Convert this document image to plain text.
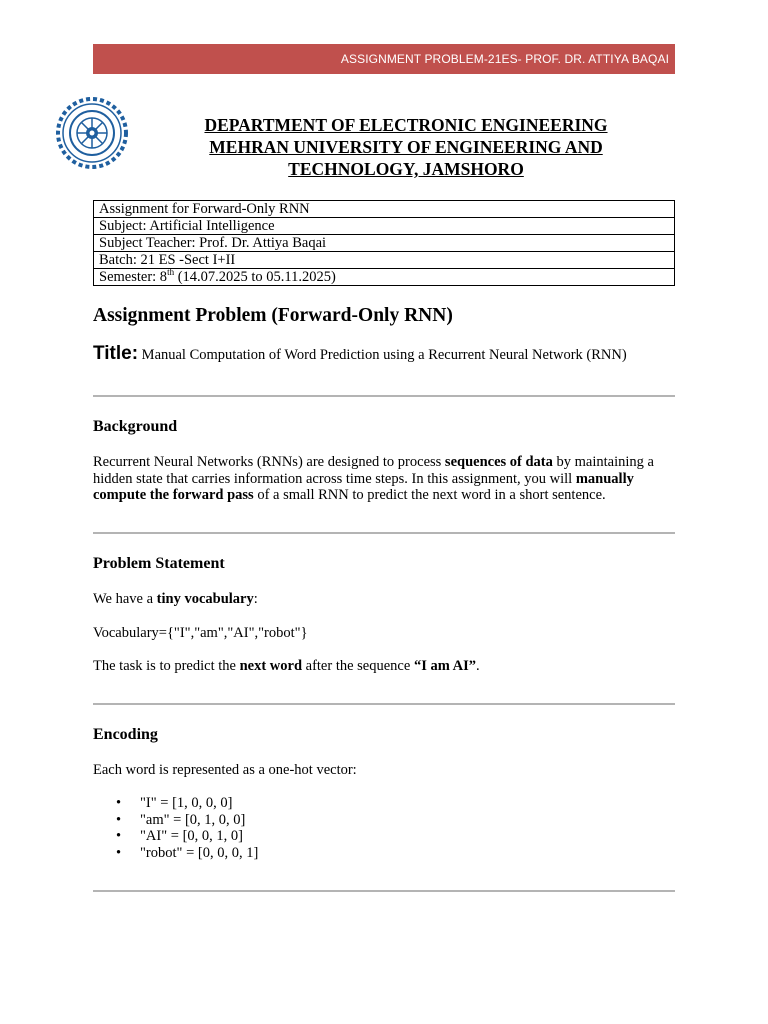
ASSIGNMENT PROBLEM-21ES- PROF. DR. ATTIYA BAQAI
DEPARTMENT OF ELECTRONIC ENGINEERING
MEHRAN UNIVERSITY OF ENGINEERING AND
TECHNOLOGY, JAMSHORO
Assignment for Forward-Only RNN
Subject: Artificial Intelligence
Subject Teacher: Prof. Dr. Attiya Baqai
Batch: 21 ES -Sect I+II
Semester: 8th (14.07.2025 to 05.11.2025)
Assignment Problem (Forward-Only RNN)
Title: Manual Computation of Word Prediction using a Recurrent Neural Network (RNN)
Background
Recurrent Neural Networks (RNNs) are designed to process sequences of data by maintaining a hidden state that carries information across time steps. In this assignment, you will manually compute the forward pass of a small RNN to predict the next word in a short sentence.
Problem Statement
We have a tiny vocabulary:
Vocabulary={"I","am","AI","robot"}
The task is to predict the next word after the sequence “I am AI”.
Encoding
Each word is represented as a one-hot vector:
• "I" = [1, 0, 0, 0]
• "am" = [0, 1, 0, 0]
• "AI" = [0, 0, 1, 0]
• "robot" = [0, 0, 0, 1]
